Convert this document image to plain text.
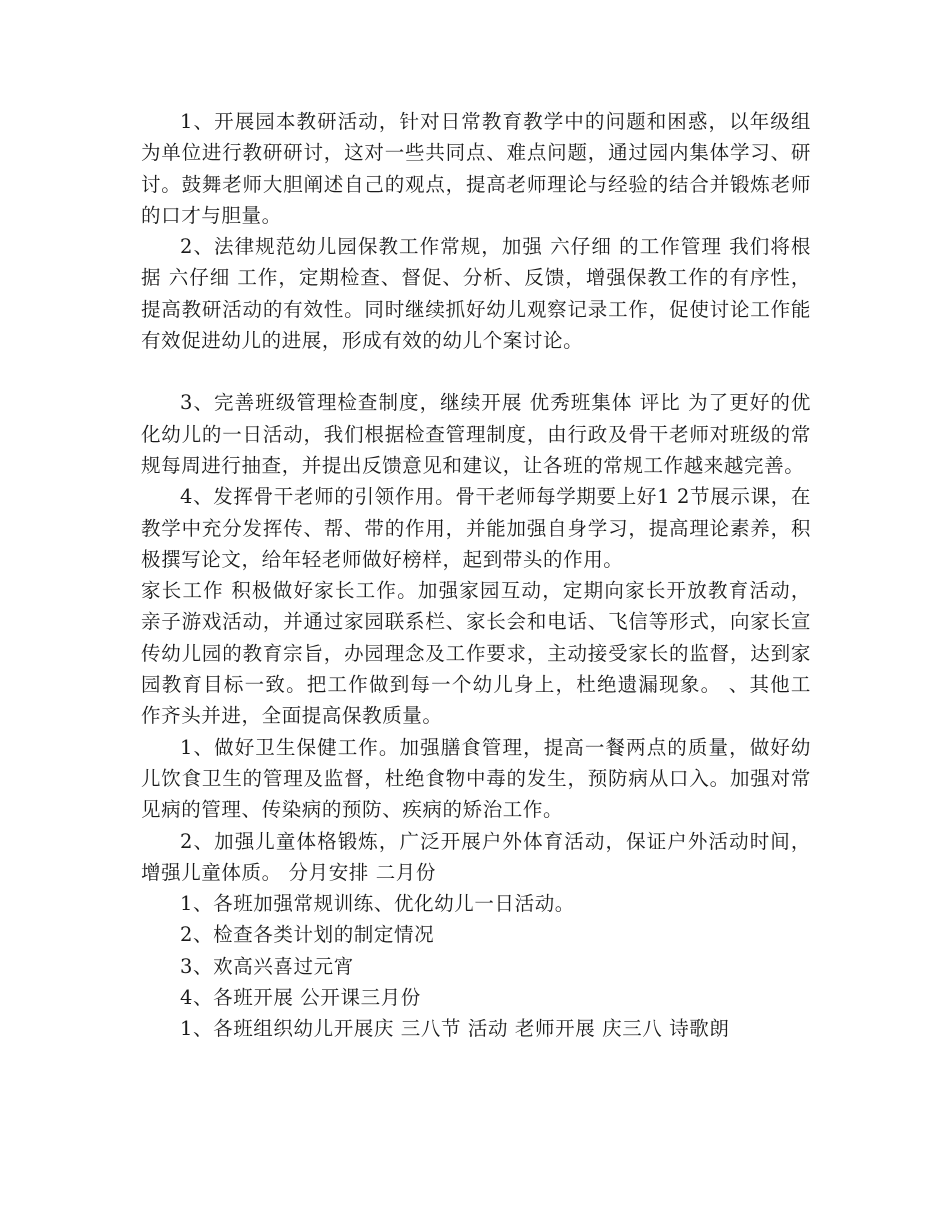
1、开展园本教研活动，针对日常教育教学中的问题和困惑，以年级组为单位进行教研研讨，这对一些共同点、难点问题，通过园内集体学习、研讨。鼓舞老师大胆阐述自己的观点，提高老师理论与经验的结合并锻炼老师的口才与胆量。

2、法律规范幼儿园保教工作常规，加强 六仔细 的工作管理 我们将根据 六仔细 工作，定期检查、督促、分析、反馈，增强保教工作的有序性，提高教研活动的有效性。同时继续抓好幼儿观察记录工作，促使讨论工作能有效促进幼儿的进展，形成有效的幼儿个案讨论。

3、完善班级管理检查制度，继续开展 优秀班集体 评比 为了更好的优化幼儿的一日活动，我们根据检查管理制度，由行政及骨干老师对班级的常规每周进行抽查，并提出反馈意见和建议，让各班的常规工作越来越完善。

4、发挥骨干老师的引领作用。骨干老师每学期要上好1 2节展示课，在教学中充分发挥传、帮、带的作用，并能加强自身学习，提高理论素养，积极撰写论文，给年轻老师做好榜样，起到带头的作用。

家长工作 积极做好家长工作。加强家园互动，定期向家长开放教育活动，亲子游戏活动，并通过家园联系栏、家长会和电话、飞信等形式，向家长宣传幼儿园的教育宗旨，办园理念及工作要求，主动接受家长的监督，达到家园教育目标一致。把工作做到每一个幼儿身上，杜绝遗漏现象。 、其他工作齐头并进，全面提高保教质量。

1、做好卫生保健工作。加强膳食管理，提高一餐两点的质量，做好幼儿饮食卫生的管理及监督，杜绝食物中毒的发生，预防病从口入。加强对常见病的管理、传染病的预防、疾病的矫治工作。

2、加强儿童体格锻炼，广泛开展户外体育活动，保证户外活动时间，增强儿童体质。 分月安排 二月份

1、各班加强常规训练、优化幼儿一日活动。

2、检查各类计划的制定情况

3、欢高兴喜过元宵

4、各班开展 公开课三月份

1、各班组织幼儿开展庆 三八节 活动 老师开展 庆三八 诗歌朗
